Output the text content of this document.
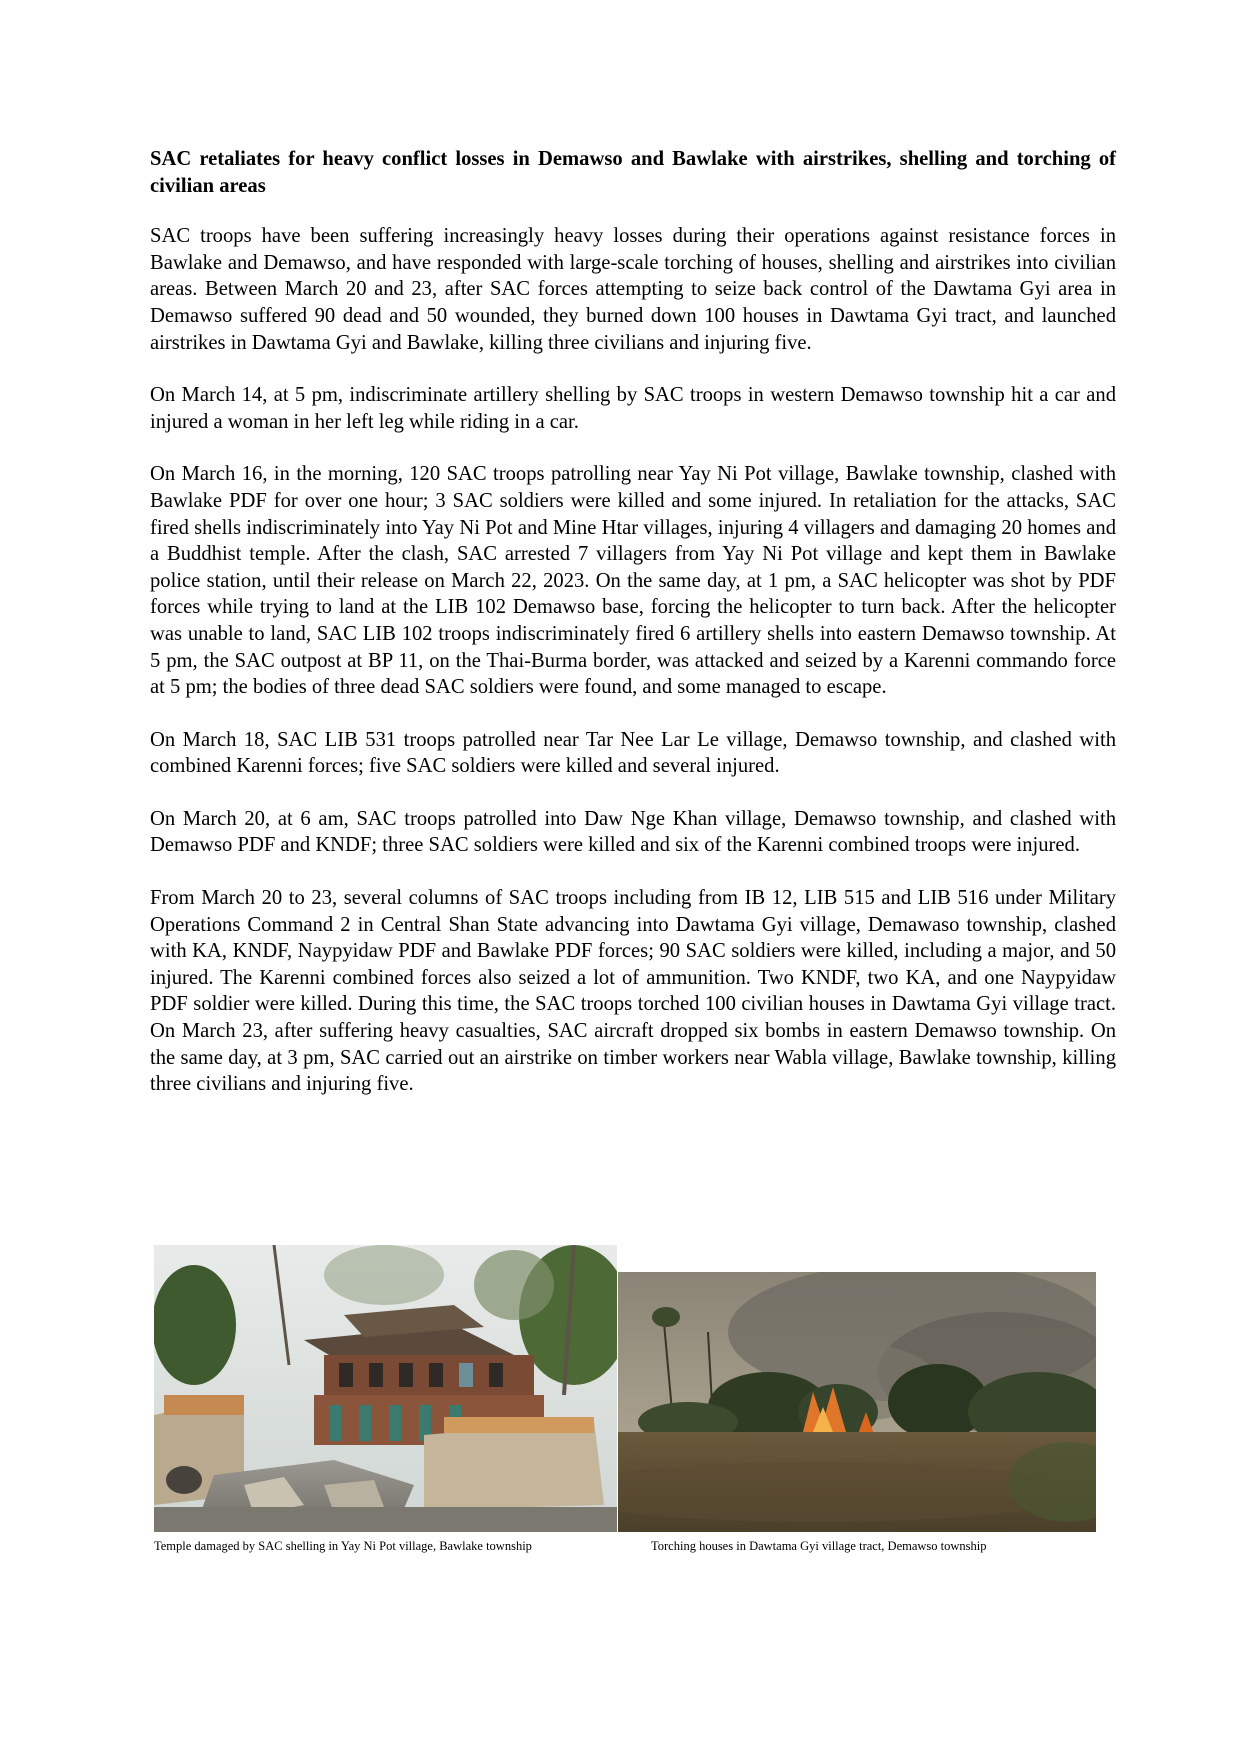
SAC retaliates for heavy conflict losses in Demawso and Bawlake with airstrikes, shelling and torching of civilian areas

SAC troops have been suffering increasingly heavy losses during their operations against resistance forces in Bawlake and Demawso, and have responded with large-scale torching of houses, shelling and airstrikes into civilian areas. Between March 20 and 23, after SAC forces attempting to seize back control of the Dawtama Gyi area in Demawso suffered 90 dead and 50 wounded, they burned down 100 houses in Dawtama Gyi tract, and launched airstrikes in Dawtama Gyi and Bawlake, killing three civilians and injuring five.

On March 14, at 5 pm, indiscriminate artillery shelling by SAC troops in western Demawso township hit a car and injured a woman in her left leg while riding in a car.

On March 16, in the morning, 120 SAC troops patrolling near Yay Ni Pot village, Bawlake township, clashed with Bawlake PDF for over one hour; 3 SAC soldiers were killed and some injured. In retaliation for the attacks, SAC fired shells indiscriminately into Yay Ni Pot and Mine Htar villages, injuring 4 villagers and damaging 20 homes and a Buddhist temple. After the clash, SAC arrested 7 villagers from Yay Ni Pot village and kept them in Bawlake police station, until their release on March 22, 2023. On the same day, at 1 pm, a SAC helicopter was shot by PDF forces while trying to land at the LIB 102 Demawso base, forcing the helicopter to turn back. After the helicopter was unable to land, SAC LIB 102 troops indiscriminately fired 6 artillery shells into eastern Demawso township. At 5 pm, the SAC outpost at BP 11, on the Thai-Burma border, was attacked and seized by a Karenni commando force at 5 pm; the bodies of three dead SAC soldiers were found, and some managed to escape.

On March 18, SAC LIB 531 troops patrolled near Tar Nee Lar Le village, Demawso township, and clashed with combined Karenni forces; five SAC soldiers were killed and several injured.

On March 20, at 6 am, SAC troops patrolled into Daw Nge Khan village, Demawso township, and clashed with Demawso PDF and KNDF; three SAC soldiers were killed and six of the Karenni combined troops were injured.

From March 20 to 23, several columns of SAC troops including from IB 12, LIB 515 and LIB 516 under Military Operations Command 2 in Central Shan State advancing into Dawtama Gyi village, Demawaso township, clashed with KA, KNDF, Naypyidaw PDF and Bawlake PDF forces; 90 SAC soldiers were killed, including a major, and 50 injured. The Karenni combined forces also seized a lot of ammunition. Two KNDF, two KA, and one Naypyidaw PDF soldier were killed. During this time, the SAC troops torched 100 civilian houses in Dawtama Gyi village tract. On March 23, after suffering heavy casualties, SAC aircraft dropped six bombs in eastern Demawso township. On the same day, at 3 pm, SAC carried out an airstrike on timber workers near Wabla village, Bawlake township, killing three civilians and injuring five.

Temple damaged by SAC shelling in Yay Ni Pot village, Bawlake township	Torching houses in Dawtama Gyi village tract, Demawso township
